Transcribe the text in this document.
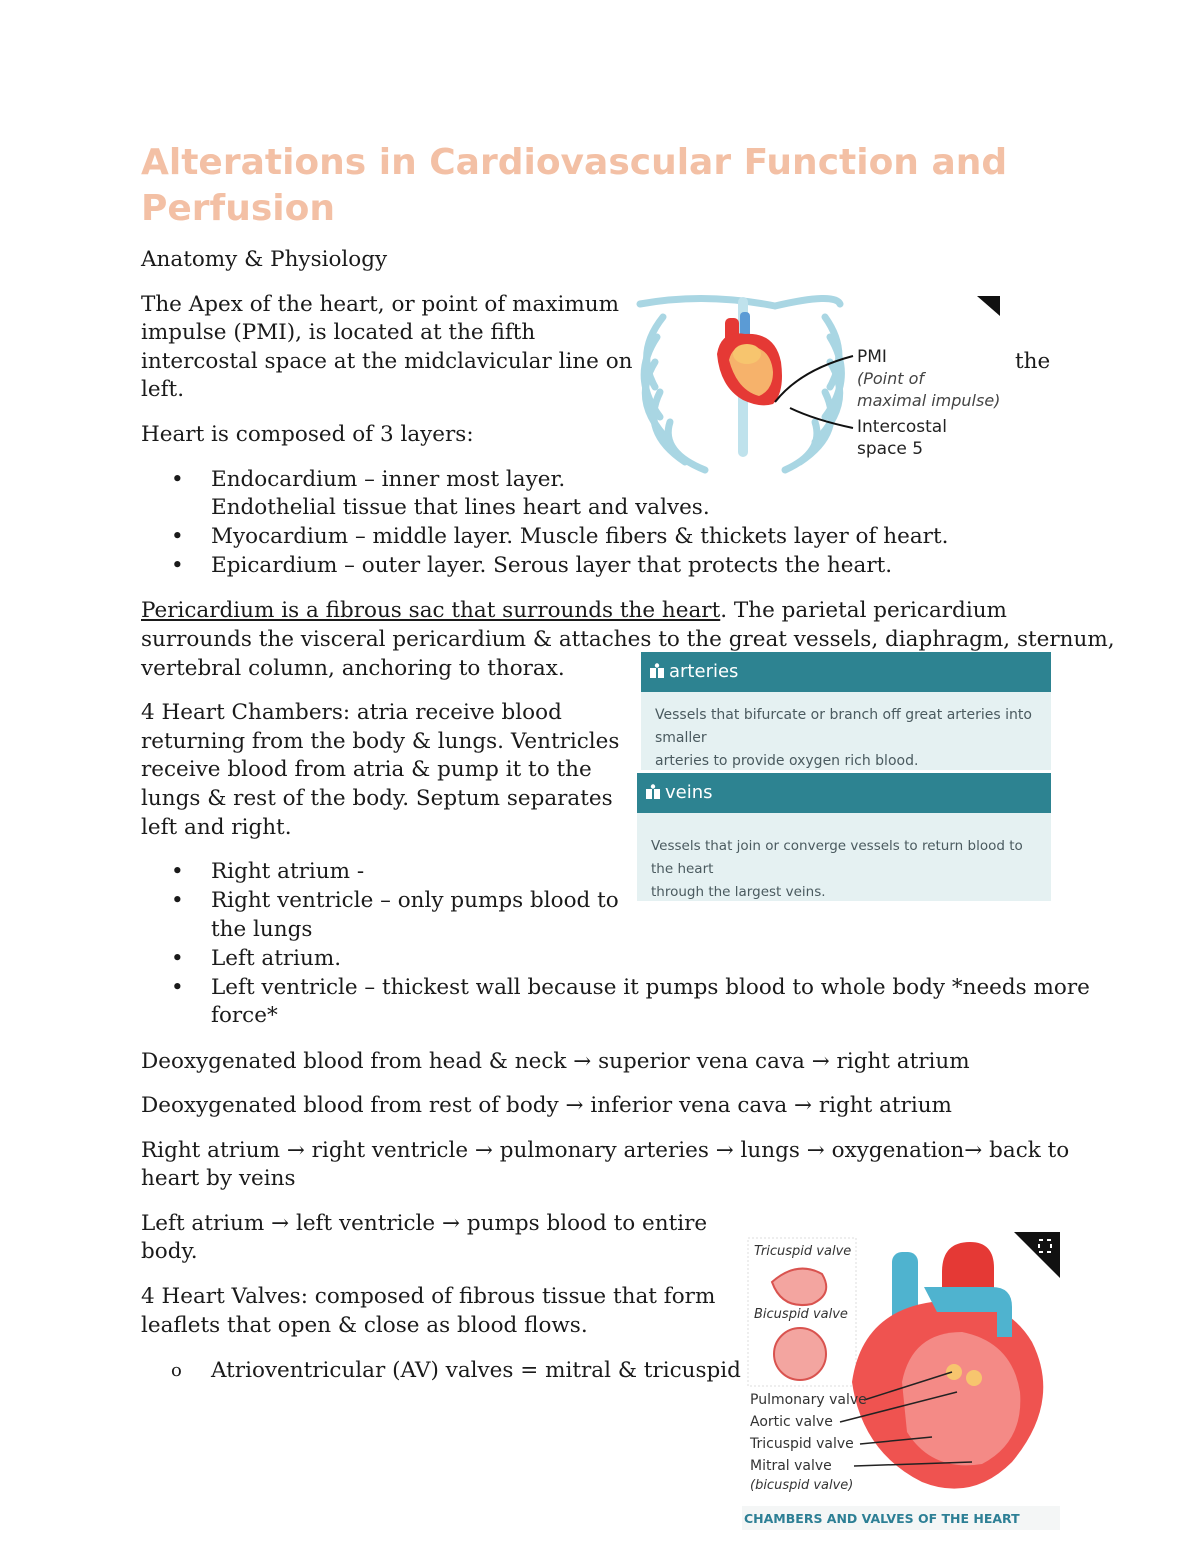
Alterations in Cardiovascular Function and Perfusion

Anatomy & Physiology

The Apex of the heart, or point of maximum

impulse (PMI), is located at the fifth

intercostal space at the midclavicular line on	the

left.

PMI
(Point of
maximal impulse)
Intercostal
space 5

Heart is composed of 3 layers:

• Endocardium – inner most layer.

Endothelial tissue that lines heart and valves.

• Myocardium – middle layer. Muscle fibers & thickets layer of heart.

• Epicardium – outer layer. Serous layer that protects the heart.

Pericardium is a fibrous sac that surrounds the heart. The parietal pericardium

surrounds the visceral pericardium & attaches to the great vessels, diaphragm, sternum,

vertebral column, anchoring to thorax.	arteries
Vessels that bifurcate or branch off great arteries into smaller
arteries to provide oxygen rich blood.
veins
Vessels that join or converge vessels to return blood to the heart
through the largest veins.

4 Heart Chambers: atria receive blood

returning from the body & lungs. Ventricles

receive blood from atria & pump it to the

lungs & rest of the body. Septum separates

left and right.

• Right atrium -

• Right ventricle – only pumps blood to

the lungs

• Left atrium.

• Left ventricle – thickest wall because it pumps blood to whole body *needs more

force*

Deoxygenated blood from head & neck → superior vena cava → right atrium

Deoxygenated blood from rest of body → inferior vena cava → right atrium

Right atrium → right ventricle → pulmonary arteries → lungs → oxygenation→ back to

heart by veins

Left atrium → left ventricle → pumps blood to entire

body.

4 Heart Valves: composed of fibrous tissue that form

leaflets that open & close as blood flows.

o Atrioventricular (AV) valves = mitral & tricuspid

Tricuspid valve
Bicuspid valve
Pulmonary valve
Aortic valve
Tricuspid valve
Mitral valve
(bicuspid valve)
CHAMBERS AND VALVES OF THE HEART
